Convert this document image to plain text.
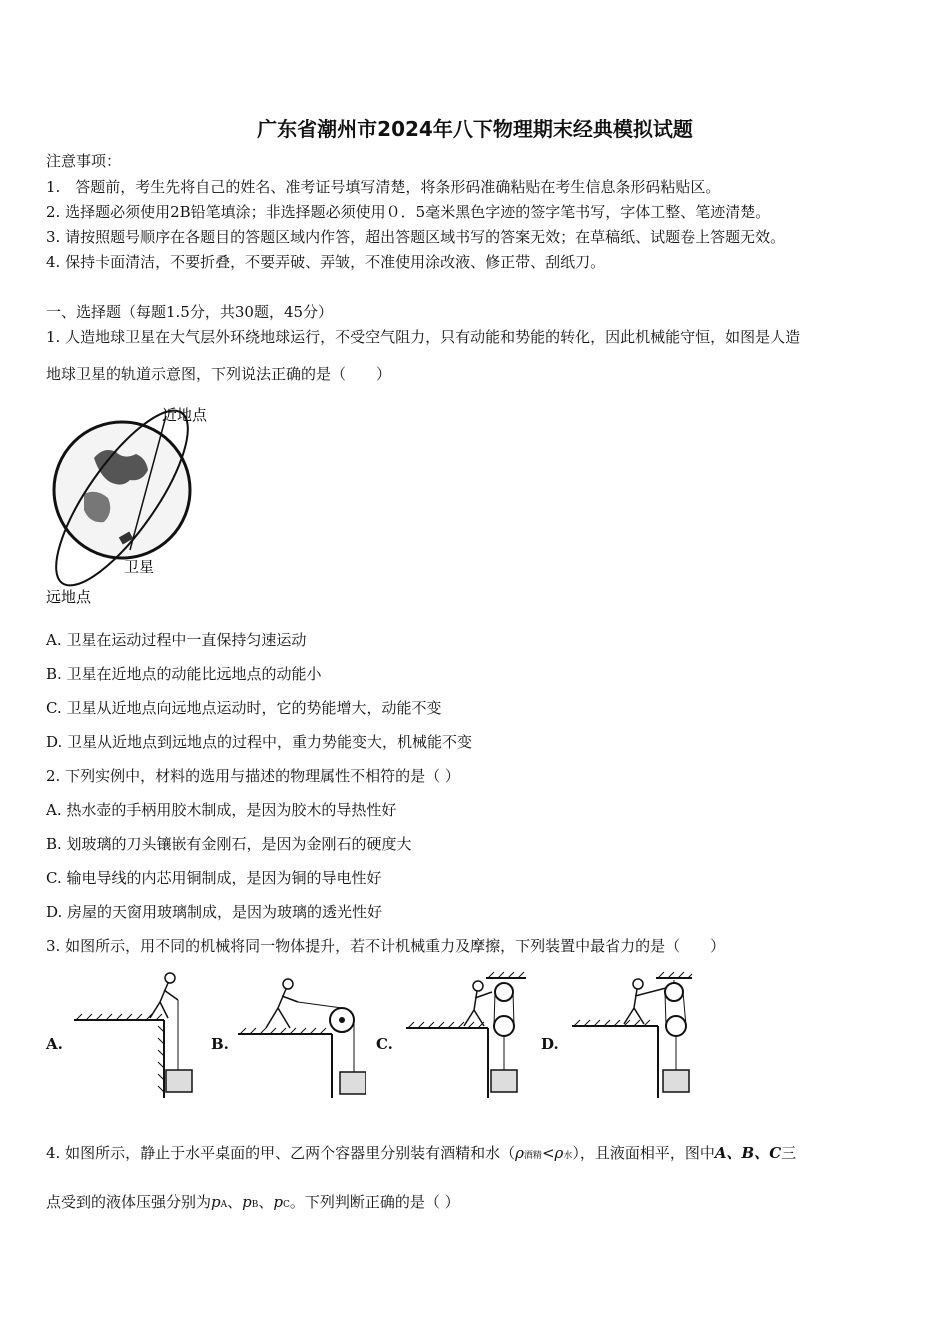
广东省潮州市2024年八下物理期末经典模拟试题
注意事项：
1.　答题前，考生先将自己的姓名、准考证号填写清楚，将条形码准确粘贴在考生信息条形码粘贴区。
2. 选择题必须使用2B铅笔填涂；非选择题必须使用０．5毫米黑色字迹的签字笔书写，字体工整、笔迹清楚。
3. 请按照题号顺序在各题目的答题区域内作答，超出答题区域书写的答案无效；在草稿纸、试题卷上答题无效。
4. 保持卡面清洁，不要折叠，不要弄破、弄皱，不准使用涂改液、修正带、刮纸刀。
一、选择题（每题1.5分，共30题，45分）
1. 人造地球卫星在大气层外环绕地球运行，不受空气阻力，只有动能和势能的转化，因此机械能守恒，如图是人造
地球卫星的轨道示意图，下列说法正确的是（　　）
近地点
卫星
远地点
A. 卫星在运动过程中一直保持匀速运动
B. 卫星在近地点的动能比远地点的动能小
C. 卫星从近地点向远地点运动时，它的势能增大，动能不变
D. 卫星从近地点到远地点的过程中，重力势能变大，机械能不变
2. 下列实例中，材料的选用与描述的物理属性不相符的是（ ）
A. 热水壶的手柄用胶木制成，是因为胶木的导热性好
B. 划玻璃的刀头镶嵌有金刚石，是因为金刚石的硬度大
C. 输电导线的内芯用铜制成，是因为铜的导电性好
D. 房屋的天窗用玻璃制成，是因为玻璃的透光性好
3. 如图所示，用不同的机械将同一物体提升，若不计机械重力及摩擦，下列装置中最省力的是（　　）
A.	B.	C.	D.
4. 如图所示，静止于水平桌面的甲、乙两个容器里分别装有酒精和水（ρ酒精<ρ水），且液面相平，图中A、B、C三
点受到的液体压强分别为pA、pB、pC。下列判断正确的是（ ）
